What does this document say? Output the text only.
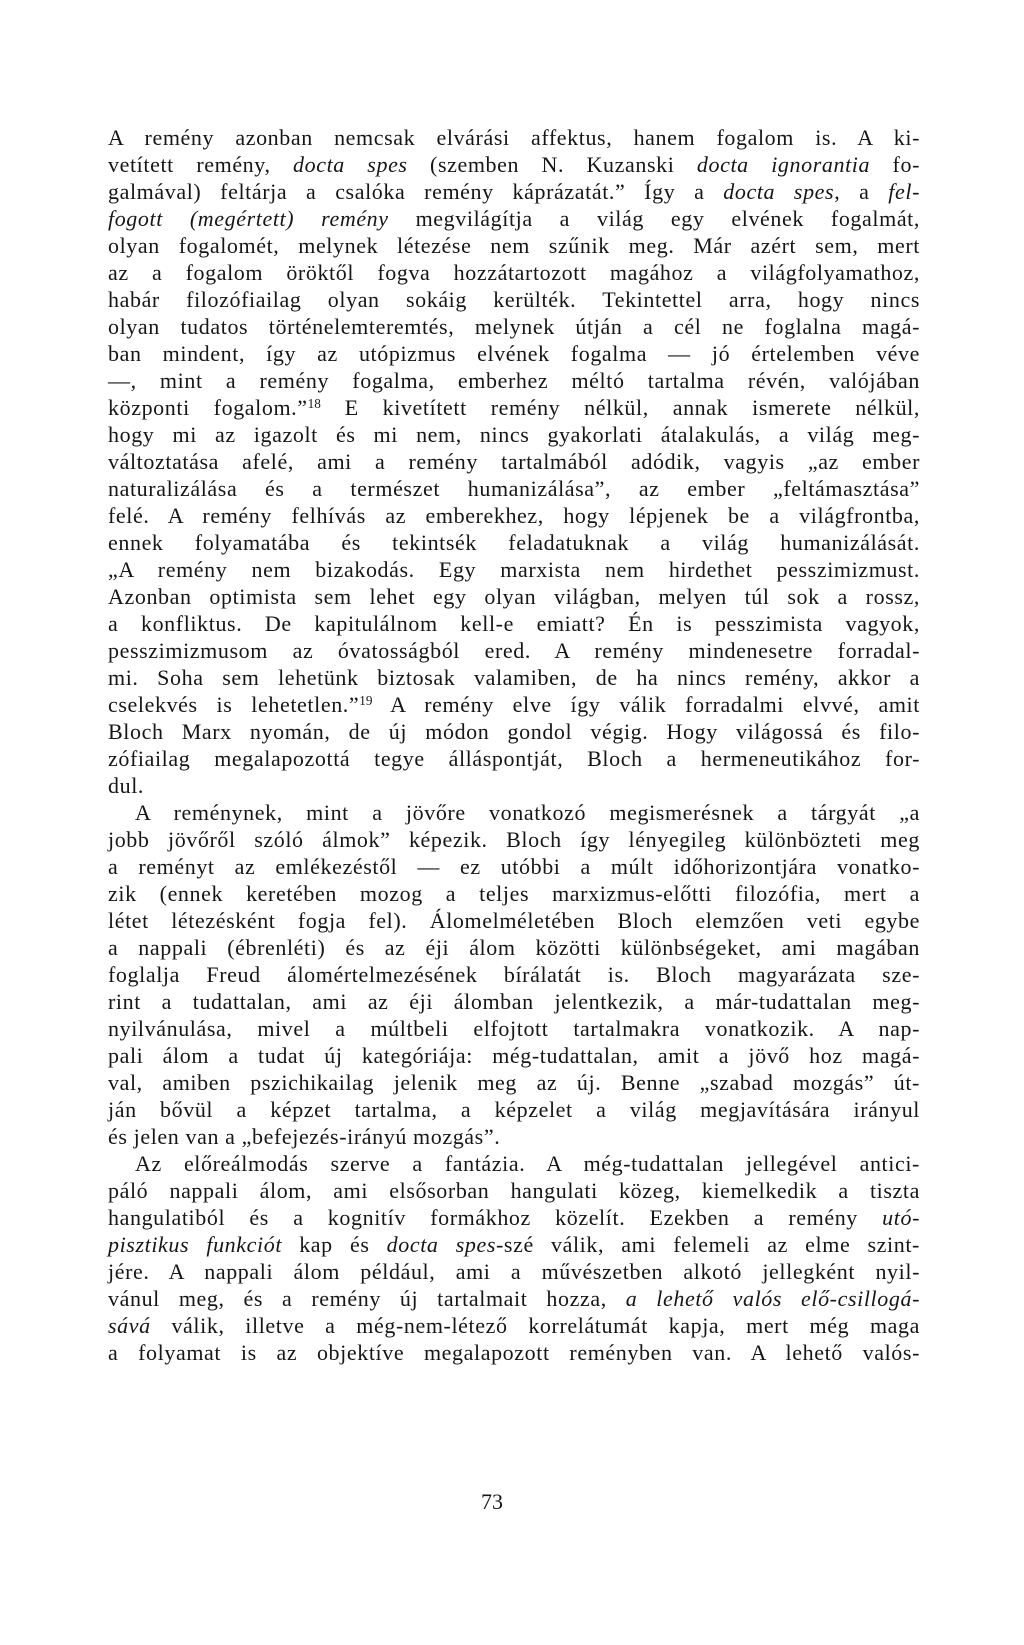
A remény azonban nemcsak elvárási affektus, hanem fogalom is. A ki-
vetített remény, docta spes (szemben N. Kuzanski docta ignorantia fo-
galmával) feltárja a csalóka remény káprázatát.” Így a docta spes, a fel-
fogott (megértett) remény megvilágítja a világ egy elvének fogalmát,
olyan fogalomét, melynek létezése nem szűnik meg. Már azért sem, mert
az a fogalom öröktől fogva hozzátartozott magához a világfolyamathoz,
habár filozófiailag olyan sokáig kerülték. Tekintettel arra, hogy nincs
olyan tudatos történelemteremtés, melynek útján a cél ne foglalna magá-
ban mindent, így az utópizmus elvének fogalma — jó értelemben véve
—, mint a remény fogalma, emberhez méltó tartalma révén, valójában
központi fogalom.”$^{18}$ E kivetített remény nélkül, annak ismerete nélkül,
hogy mi az igazolt és mi nem, nincs gyakorlati átalakulás, a világ meg-
változtatása afelé, ami a remény tartalmából adódik, vagyis „az ember
naturalizálása és a természet humanizálása”, az ember „feltámasztása”
felé. A remény felhívás az emberekhez, hogy lépjenek be a világfrontba,
ennek folyamatába és tekintsék feladatuknak a világ humanizálását.
„A remény nem bizakodás. Egy marxista nem hirdethet pesszimizmust.
Azonban optimista sem lehet egy olyan világban, melyen túl sok a rossz,
a konfliktus. De kapitulálnom kell-e emiatt? Én is pesszimista vagyok,
pesszimizmusom az óvatosságból ered. A remény mindenesetre forradal-
mi. Soha sem lehetünk biztosak valamiben, de ha nincs remény, akkor a
cselekvés is lehetetlen.”$^{19}$ A remény elve így válik forradalmi elvvé, amit
Bloch Marx nyomán, de új módon gondol végig. Hogy világossá és filo-
zófiailag megalapozottá tegye álláspontját, Bloch a hermeneutikához for-
dul.
A reménynek, mint a jövőre vonatkozó megismerésnek a tárgyát „a
jobb jövőről szóló álmok” képezik. Bloch így lényegileg különbözteti meg
a reményt az emlékezéstől — ez utóbbi a múlt időhorizontjára vonatko-
zik (ennek keretében mozog a teljes marxizmus-előtti filozófia, mert a
létet létezésként fogja fel). Álomelméletében Bloch elemzően veti egybe
a nappali (ébrenléti) és az éji álom közötti különbségeket, ami magában
foglalja Freud álomértelmezésének bírálatát is. Bloch magyarázata sze-
rint a tudattalan, ami az éji álomban jelentkezik, a már-tudattalan meg-
nyilvánulása, mivel a múltbeli elfojtott tartalmakra vonatkozik. A nap-
pali álom a tudat új kategóriája: még-tudattalan, amit a jövő hoz magá-
val, amiben pszichikailag jelenik meg az új. Benne „szabad mozgás” út-
ján bővül a képzet tartalma, a képzelet a világ megjavítására irányul
és jelen van a „befejezés-irányú mozgás”.
Az előreálmodás szerve a fantázia. A még-tudattalan jellegével antici-
páló nappali álom, ami elsősorban hangulati közeg, kiemelkedik a tiszta
hangulatiból és a kognitív formákhoz közelít. Ezekben a remény utó-
pisztikus funkciót kap és docta spes-szé válik, ami felemeli az elme szint-
jére. A nappali álom például, ami a művészetben alkotó jellegként nyil-
vánul meg, és a remény új tartalmait hozza, a lehető valós elő-csillogá-
sává válik, illetve a még-nem-létező korrelátumát kapja, mert még maga
a folyamat is az objektíve megalapozott reményben van. A lehető valós-
73
